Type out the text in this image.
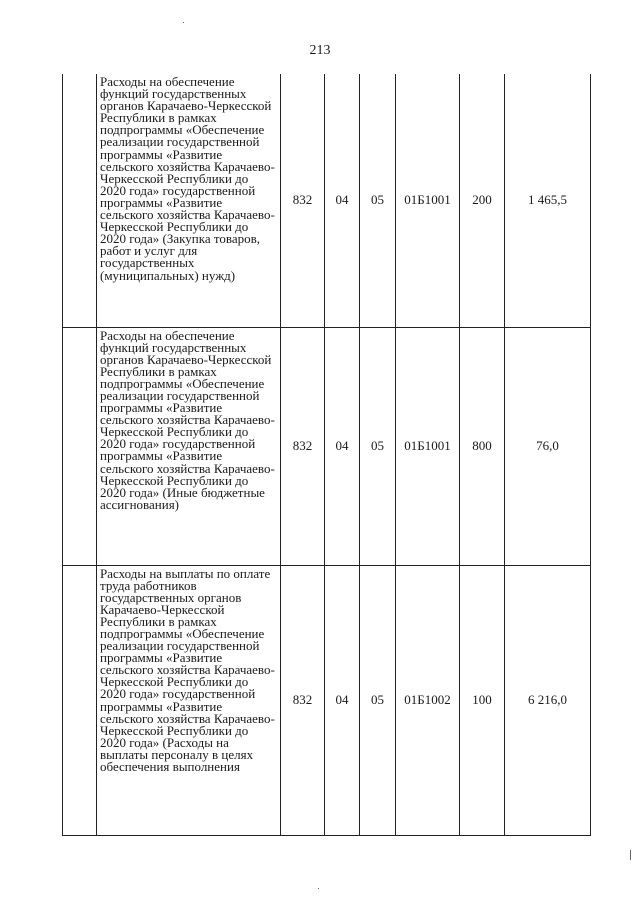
213
	Расходы на обеспечение функций государственных органов Карачаево-Черкесской Республики в рамках подпрограммы «Обеспечение реализации государственной программы «Развитие сельского хозяйства Карачаево-Черкесской Республики до 2020 года» государственной программы «Развитие сельского хозяйства Карачаево-Черкесской Республики до 2020 года» (Закупка товаров, работ и услуг для государственных (муниципальных) нужд)	832	04	05	01Б1001	200	1 465,5
	Расходы на обеспечение функций государственных органов Карачаево-Черкесской Республики в рамках подпрограммы «Обеспечение реализации государственной программы «Развитие сельского хозяйства Карачаево-Черкесской Республики до 2020 года» государственной программы «Развитие сельского хозяйства Карачаево-Черкесской Республики до 2020 года» (Иные бюджетные ассигнования)	832	04	05	01Б1001	800	76,0
	Расходы на выплаты по оплате труда работников государственных органов Карачаево-Черкесской Республики в рамках подпрограммы «Обеспечение реализации государственной программы «Развитие сельского хозяйства Карачаево-Черкесской Республики до 2020 года» государственной программы «Развитие сельского хозяйства Карачаево-Черкесской Республики до 2020 года» (Расходы на выплаты персоналу в целях обеспечения выполнения	832	04	05	01Б1002	100	6 216,0
